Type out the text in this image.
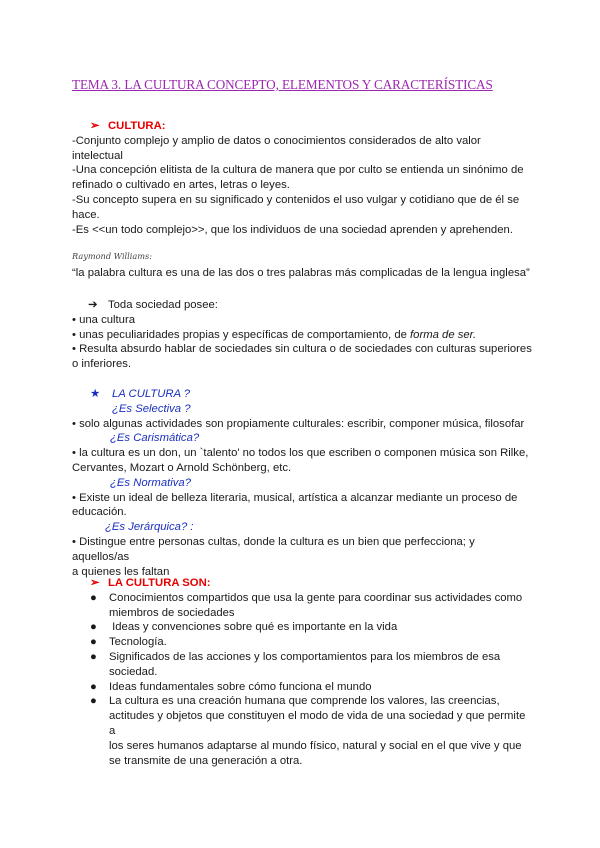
TEMA 3. LA CULTURA CONCEPTO, ELEMENTOS Y CARACTERÍSTICAS

➢ CULTURA:

-Conjunto complejo y amplio de datos o conocimientos considerados de alto valor

intelectual

-Una concepción elitista de la cultura de manera que por culto se entienda un sinónimo de

refinado o cultivado en artes, letras o leyes.

-Su concepto supera en su significado y contenidos el uso vulgar y cotidiano que de él se

hace.

-Es <<un todo complejo>>, que los individuos de una sociedad aprenden y aprehenden.

Raymond Williams:

“la palabra cultura es una de las dos o tres palabras más complicadas de la lengua inglesa”

➔ Toda sociedad posee:

• una cultura

• unas peculiaridades propias y específicas de comportamiento, de forma de ser.

• Resulta absurdo hablar de sociedades sin cultura o de sociedades con culturas superiores

o inferiores.

★ LA CULTURA ?

¿Es Selectiva ?

• solo algunas actividades son propiamente culturales: escribir, componer música, filosofar

¿Es Carismática?

• la cultura es un don, un `talento' no todos los que escriben o componen música son Rilke,

Cervantes, Mozart o Arnold Schönberg, etc.

¿Es Normativa?

• Existe un ideal de belleza literaria, musical, artística a alcanzar mediante un proceso de

educación.

¿Es Jerárquica? :

• Distingue entre personas cultas, donde la cultura es un bien que perfecciona; y aquellos/as

a quienes les faltan

➢ LA CULTURA SON:

● Conocimientos compartidos que usa la gente para coordinar sus actividades como
miembros de sociedades
● Ideas y convenciones sobre qué es importante en la vida
● Tecnología.
● Significados de las acciones y los comportamientos para los miembros de esa
sociedad.
● Ideas fundamentales sobre cómo funciona el mundo
● La cultura es una creación humana que comprende los valores, las creencias,
actitudes y objetos que constituyen el modo de vida de una sociedad y que permite a
los seres humanos adaptarse al mundo físico, natural y social en el que vive y que
se transmite de una generación a otra.
